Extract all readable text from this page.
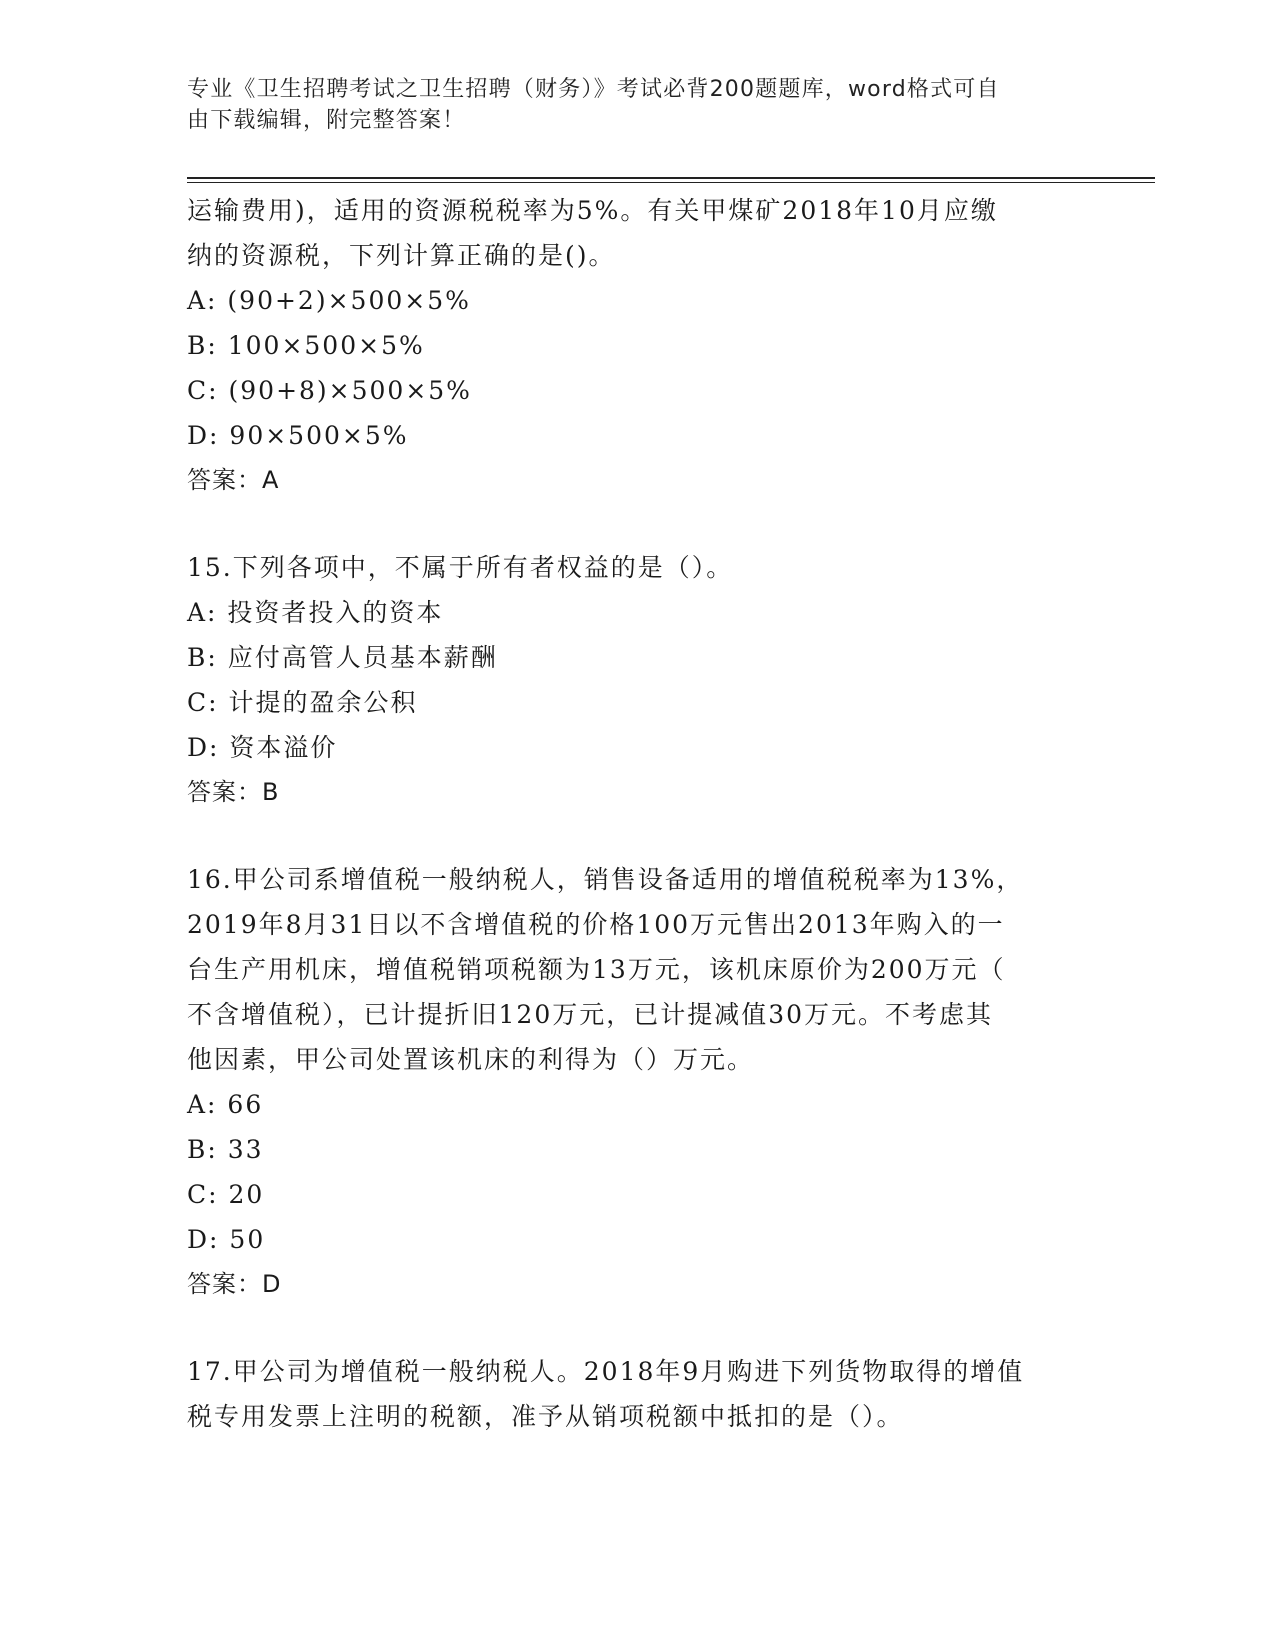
专业《卫生招聘考试之卫生招聘（财务）》考试必背200题题库，word格式可自
由下载编辑，附完整答案！

运输费用)，适用的资源税税率为5%。有关甲煤矿2018年10月应缴

纳的资源税，下列计算正确的是()。

A: (90+2)×500×5%

B: 100×500×5%

C: (90+8)×500×5%

D: 90×500×5%

答案：A

15.下列各项中，不属于所有者权益的是（）。

A: 投资者投入的资本

B: 应付高管人员基本薪酬

C: 计提的盈余公积

D: 资本溢价

答案：B

16.甲公司系增值税一般纳税人，销售设备适用的增值税税率为13%，

2019年8月31日以不含增值税的价格100万元售出2013年购入的一

台生产用机床，增值税销项税额为13万元，该机床原价为200万元（

不含增值税），已计提折旧120万元，已计提减值30万元。不考虑其

他因素，甲公司处置该机床的利得为（）万元。

A: 66

B: 33

C: 20

D: 50

答案：D

17.甲公司为增值税一般纳税人。2018年9月购进下列货物取得的增值

税专用发票上注明的税额，准予从销项税额中抵扣的是（）。
